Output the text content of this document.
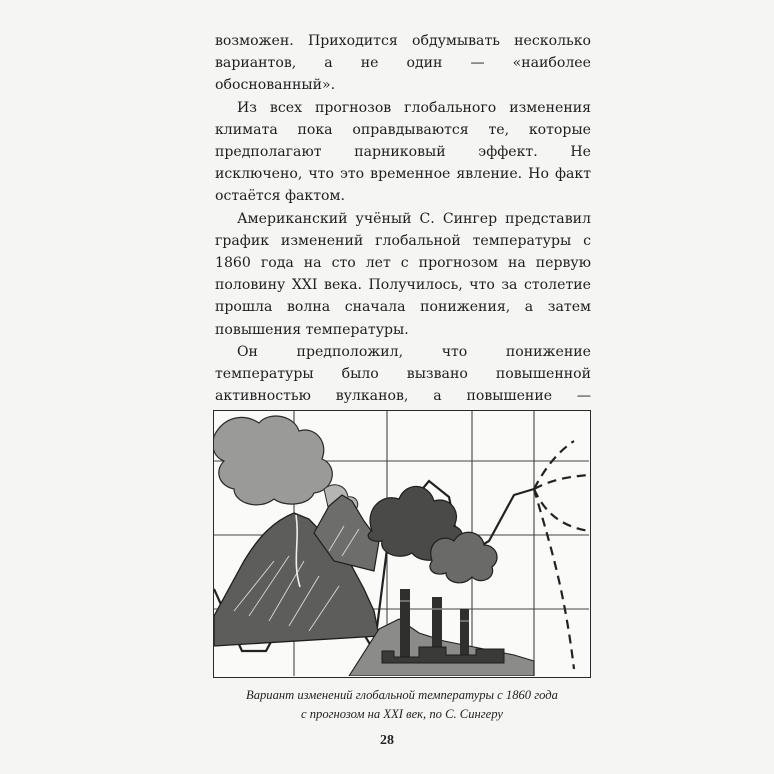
возможен. Приходится обдумывать несколько вариантов, а не один — «наиболее обоснованный».

Из всех прогнозов глобального изменения климата пока оправдываются те, которые предполагают парниковый эффект. Не исключено, что это временное явление. Но факт остаётся фактом.

Американский учёный С. Сингер представил график изменений глобальной температуры с 1860 года на сто лет с прогнозом на первую половину XXI века. Получилось, что за столетие прошла волна сначала понижения, а затем повышения температуры.

Он предположил, что понижение температуры было вызвано повышенной активностью вулканов, а повышение —

Вариант изменений глобальной температуры с 1860 года
с прогнозом на XXI век, по С. Сингеру
28
